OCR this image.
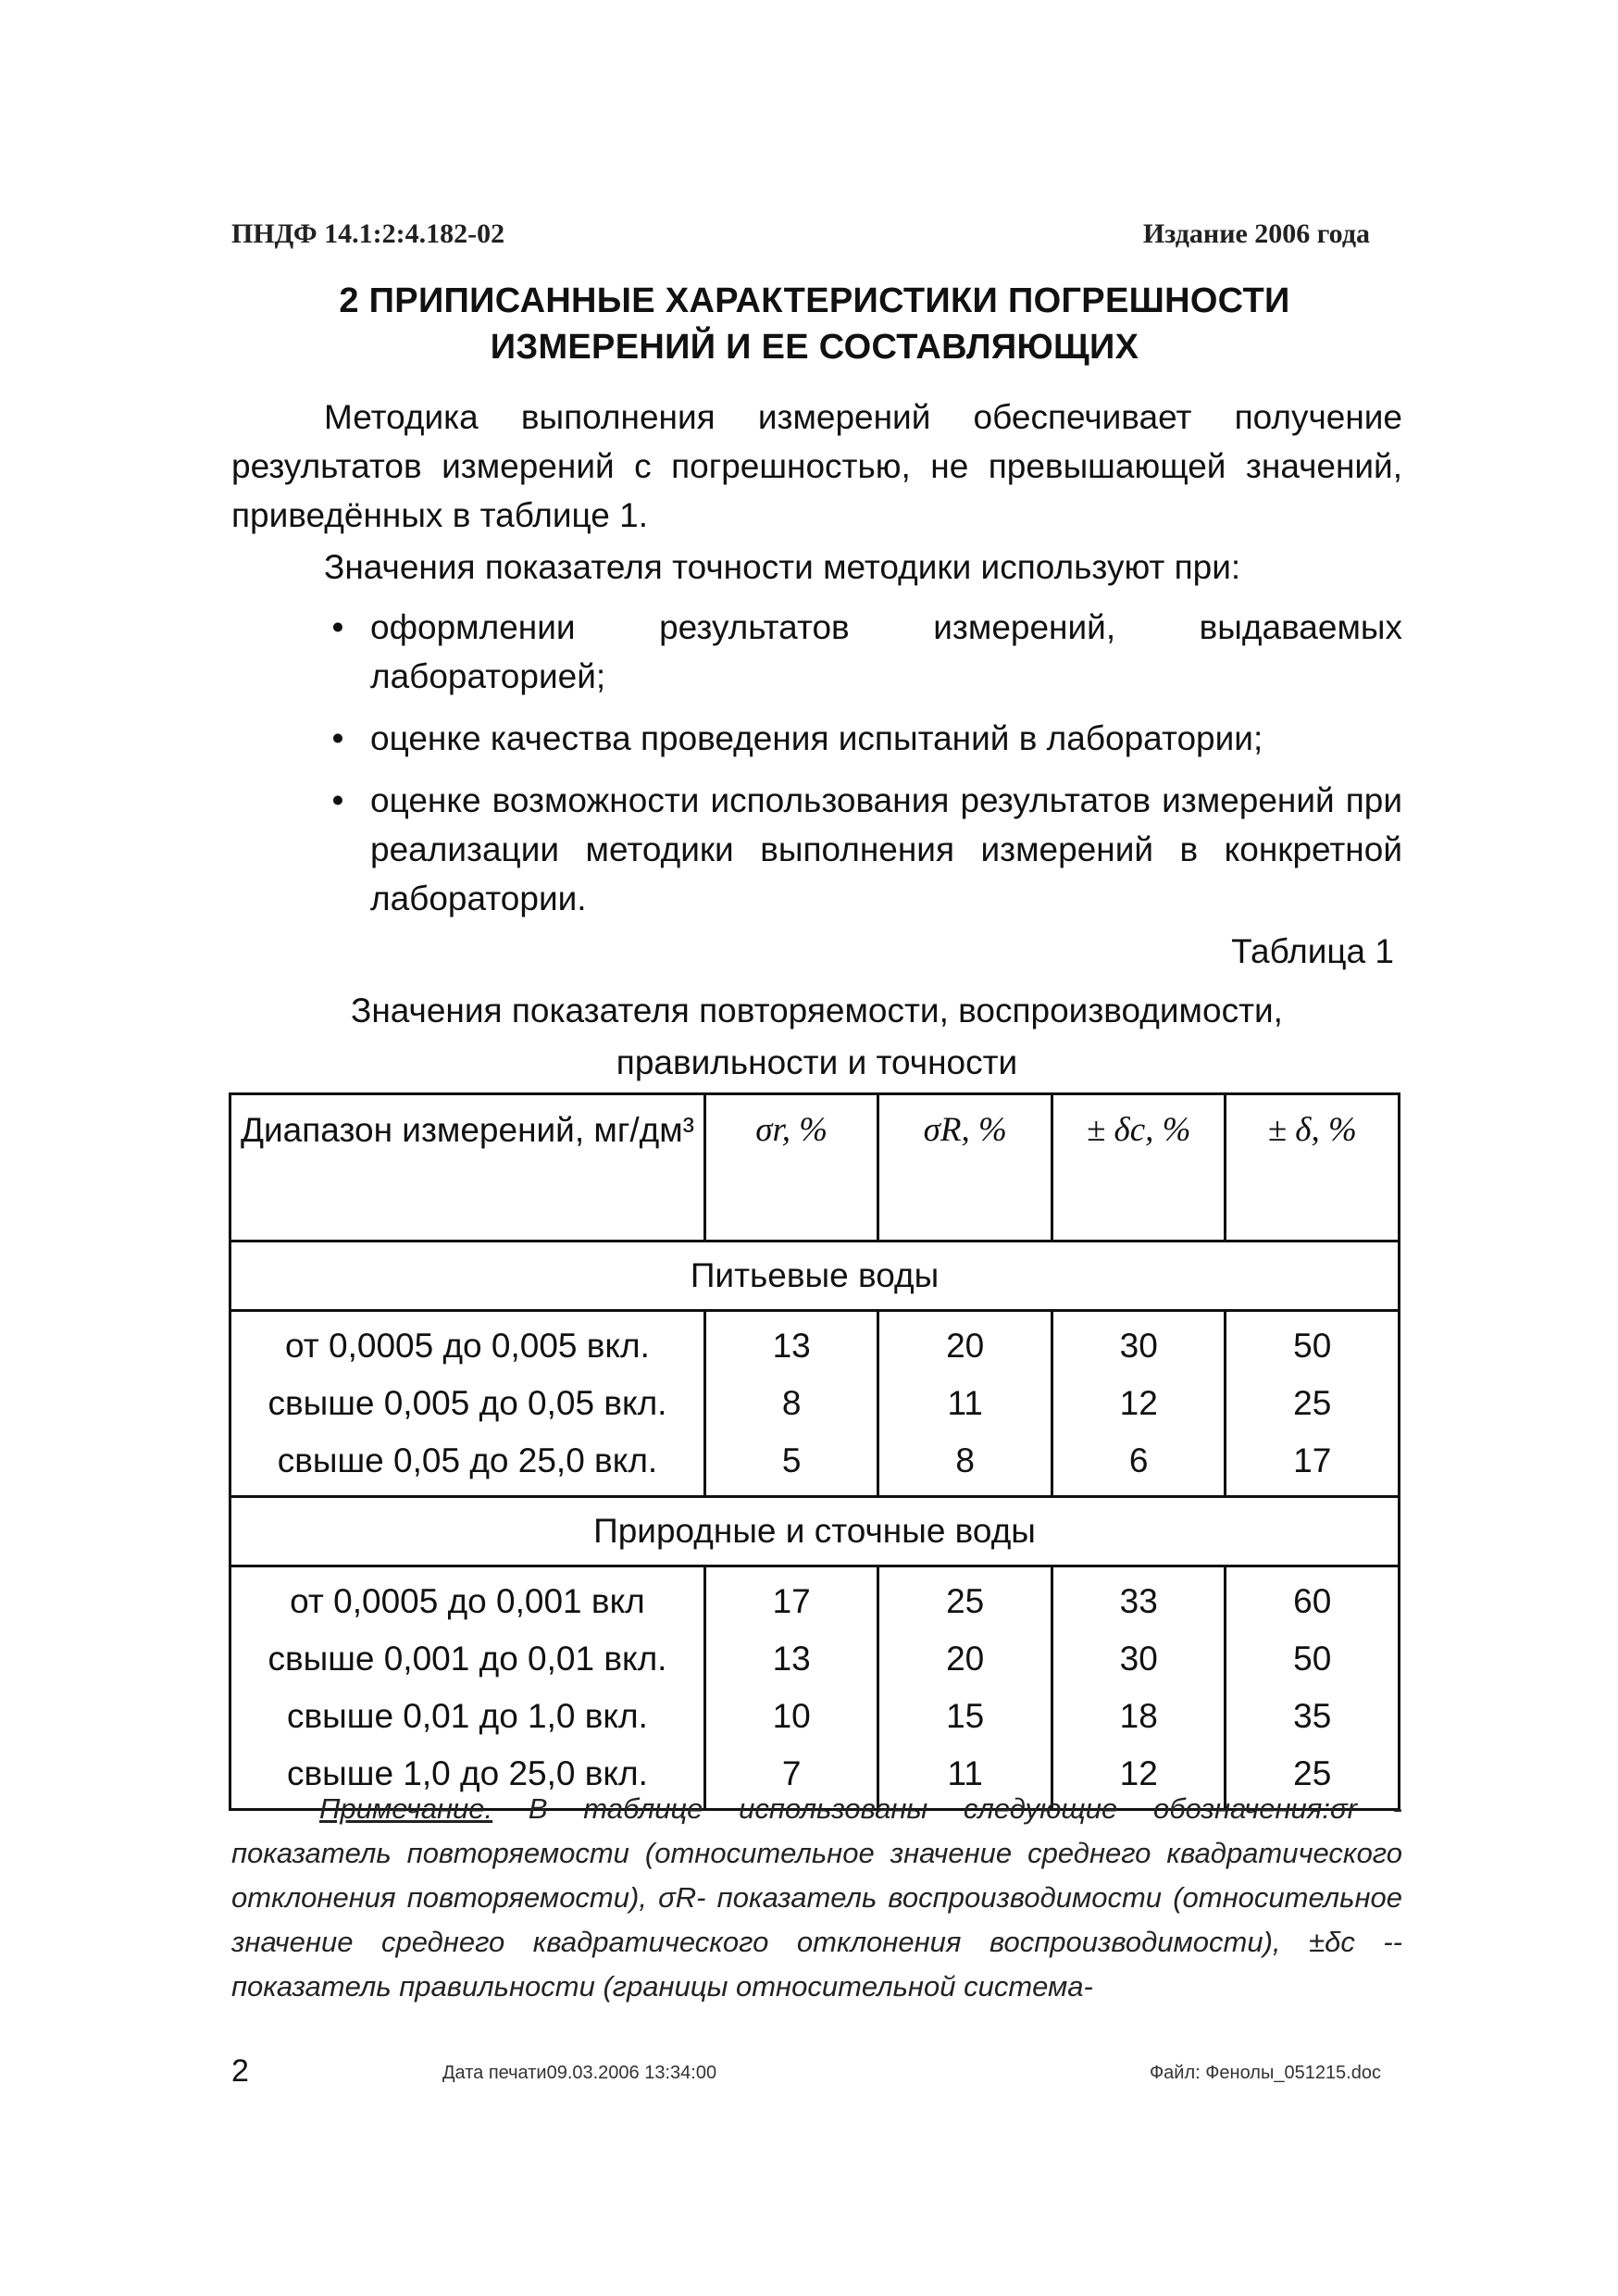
ПНДФ 14.1:2:4.182-02	Издание 2006 года
2 ПРИПИСАННЫЕ ХАРАКТЕРИСТИКИ ПОГРЕШНОСТИ
ИЗМЕРЕНИЙ И ЕЕ СОСТАВЛЯЮЩИХ
Методика выполнения измерений обеспечивает получение результатов измерений с погрешностью, не превышающей значений, приведённых в таблице 1.
Значения показателя точности методики используют при:
• оформлении результатов измерений, выдаваемых лабораторией;
• оценке качества проведения испытаний в лаборатории;
• оценке возможности использования результатов измерений при реализации методики выполнения измерений в конкретной лаборатории.
Таблица 1
Значения показателя повторяемости, воспроизводимости,
правильности и точности
Диапазон измерений, мг/дм³	σr, %	σR, %	± δc, %	± δ, %
Питьевые воды				
от 0,0005 до 0,005 вкл.	13	20	30	50
свыше 0,005 до 0,05 вкл.	8	11	12	25
свыше 0,05 до 25,0 вкл.	5	8	6	17
Природные и сточные воды				
от 0,0005 до 0,001 вкл	17	25	33	60
свыше 0,001 до 0,01 вкл.	13	20	30	50
свыше 0,01 до 1,0 вкл.	10	15	18	35
свыше 1,0 до 25,0 вкл.	7	11	12	25
Примечание. В таблице использованы следующие обозначения:σr - показатель повторяемости (относительное значение среднего квадратического отклонения повторяемости), σR- показатель воспроизводимости (относительное значение среднего квадратического отклонения воспроизводимости), ±δc -- показатель правильности (границы относительной система-
2	Дата печати09.03.2006 13:34:00	Файл: Фенолы_051215.doc
